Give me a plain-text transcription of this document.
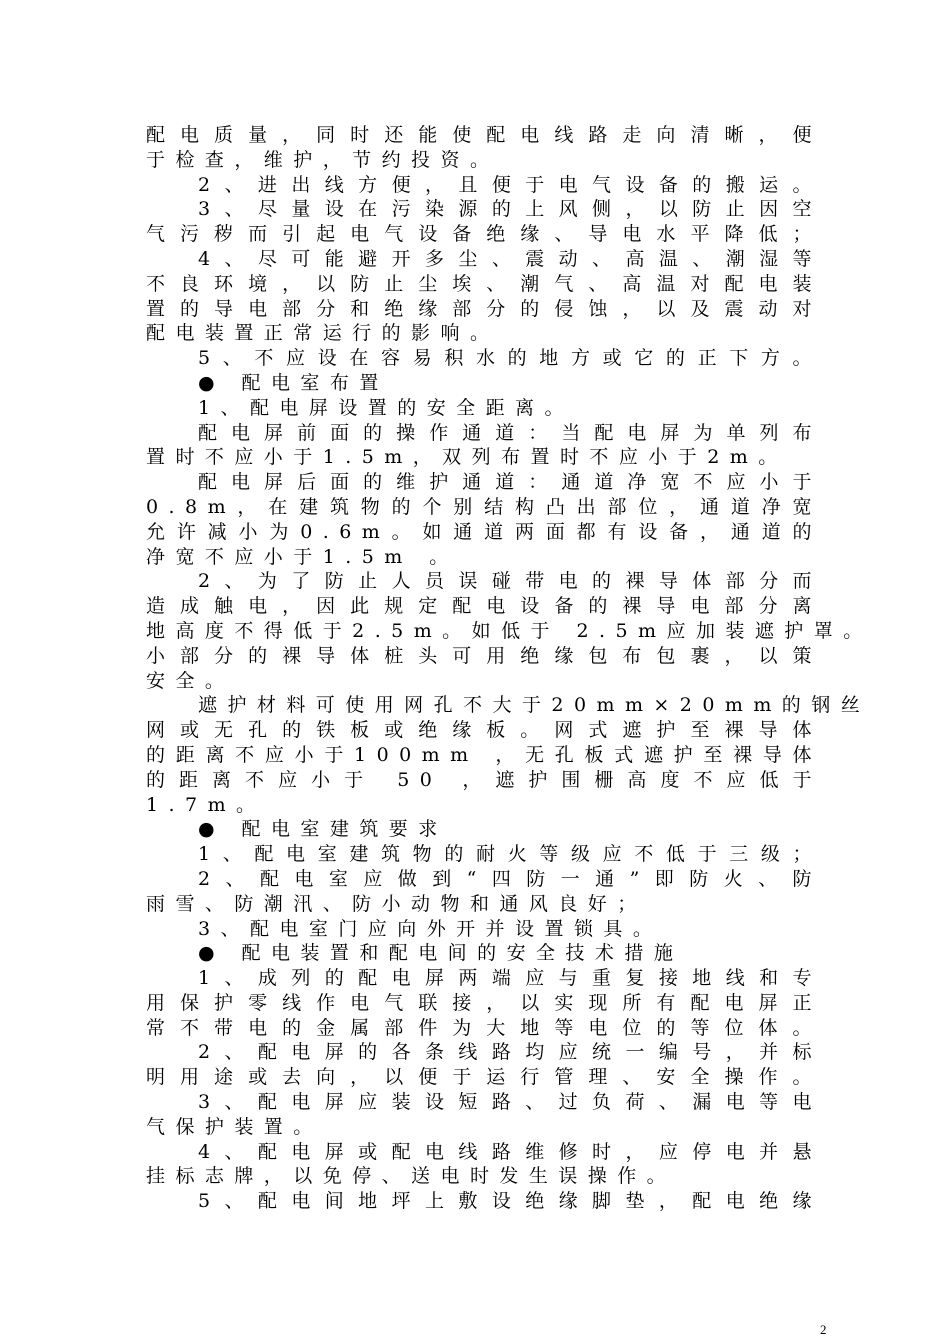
配电质量，同时还能使配电线路走向清晰，便
于检查，维护，节约投资。
2、进出线方便，且便于电气设备的搬运。
3、尽量设在污染源的上风侧，以防止因空
气污秽而引起电气设备绝缘、导电水平降低；
4、尽可能避开多尘、震动、高温、潮湿等
不良环境，以防止尘埃、潮气、高温对配电装
置的导电部分和绝缘部分的侵蚀，以及震动对
配电装置正常运行的影响。
5、不应设在容易积水的地方或它的正下方。
● 配电室布置
1、配电屏设置的安全距离。
配电屏前面的操作通道：当配电屏为单列布
置时不应小于1.5m，双列布置时不应小于2m。
配电屏后面的维护通道：通道净宽不应小于
0.8m，在建筑物的个别结构凸出部位，通道净宽
允许减小为0.6m。如通道两面都有设备，通道的
净宽不应小于1.5m 。
2、为了防止人员误碰带电的裸导体部分而
造成触电，因此规定配电设备的裸导电部分离
地高度不得低于2.5m。如低于 2.5m应加装遮护罩。
小部分的裸导体桩头可用绝缘包布包裹，以策
安全。
遮护材料可使用网孔不大于20mm×20mm的钢丝
网或无孔的铁板或绝缘板。网式遮护至裸导体
的距离不应小于100mm ，无孔板式遮护至裸导体
的距离不应小于 50 ，遮护围栅高度不应低于
1.7m。
● 配电室建筑要求
1、配电室建筑物的耐火等级应不低于三级；
2、配电室应做到“四防一通”即防火、防
雨雪、防潮汛、防小动物和通风良好；
3、配电室门应向外开并设置锁具。
● 配电装置和配电间的安全技术措施
1、成列的配电屏两端应与重复接地线和专
用保护零线作电气联接，以实现所有配电屏正
常不带电的金属部件为大地等电位的等位体。
2、配电屏的各条线路均应统一编号，并标
明用途或去向，以便于运行管理、安全操作。
3、配电屏应装设短路、过负荷、漏电等电
气保护装置。
4、配电屏或配电线路维修时，应停电并悬
挂标志牌，以免停、送电时发生误操作。
5、配电间地坪上敷设绝缘脚垫，配电绝缘
2
